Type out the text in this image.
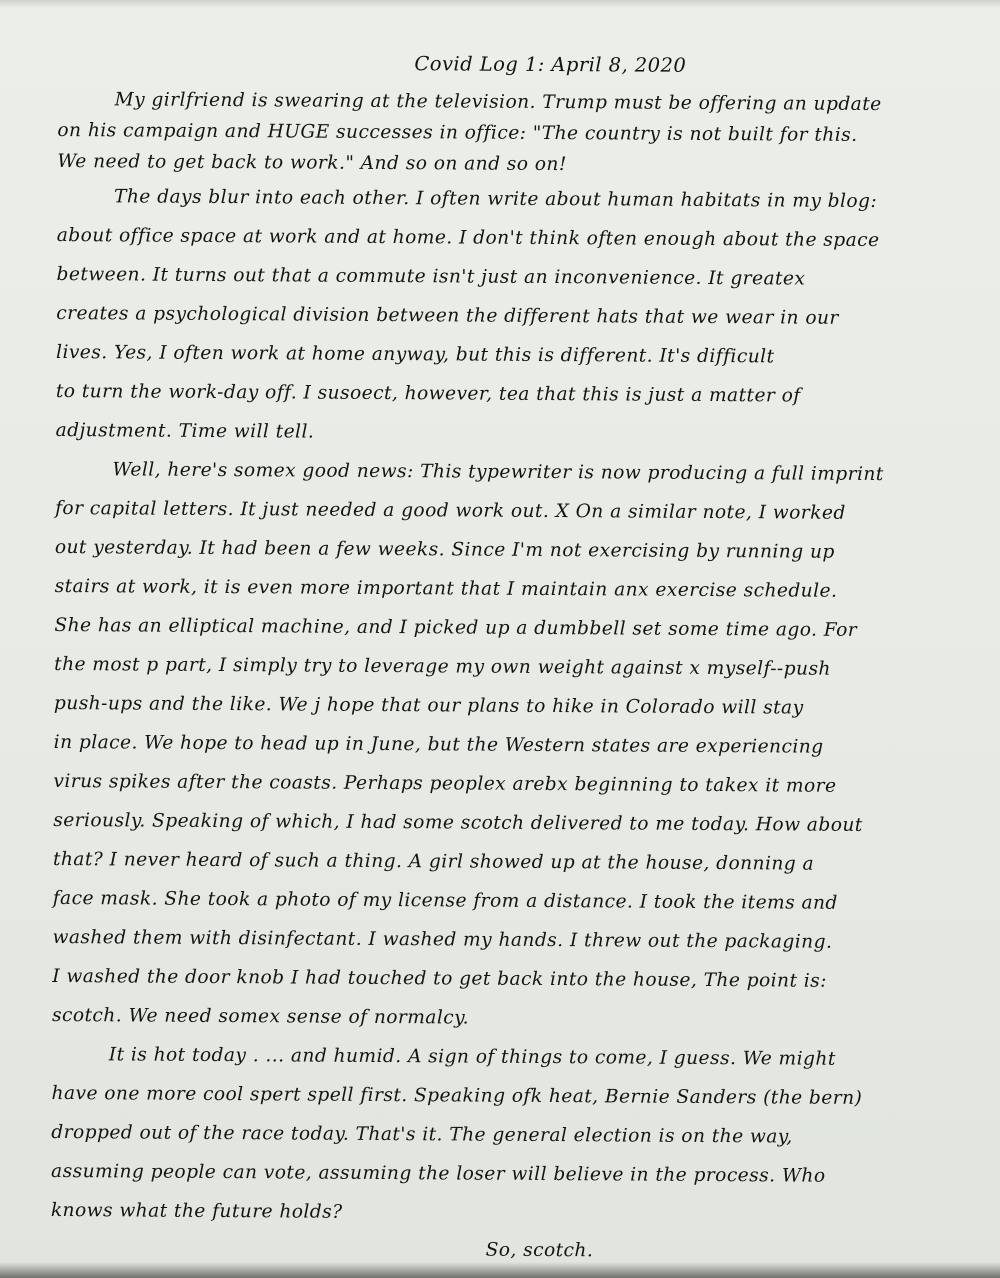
Covid Log 1: April 8, 2020
My girlfriend is swearing at the television. Trump must be offering an update
on his campaign and HUGE successes in office: "The country is not built for this.
We need to get back to work." And so on and so on!
The days blur into each other. I often write about human habitats in my blog:
about office space at work and at home. I don't think often enough about the space
between. It turns out that a commute isn't just an inconvenience. It greatex
creates a psychological division between the different hats that we wear in our
lives. Yes, I often work at home anyway, but this is different. It's difficult
to turn the work-day off. I susoect, however, tea that this is just a matter of
adjustment. Time will tell.
Well, here's somex good news: This typewriter is now producing a full imprint
for capital letters. It just needed a good work out. X On a similar note, I worked
out yesterday. It had been a few weeks. Since I'm not exercising by running up
stairs at work, it is even more important that I maintain anx exercise schedule.
She has an elliptical machine, and I picked up a dumbbell set some time ago. For
the most p part, I simply try to leverage my own weight against x myself--push
push-ups and the like. We j hope that our plans to hike in Colorado will stay
in place. We hope to head up in June, but the Western states are experiencing
virus spikes after the coasts. Perhaps peoplex arebx beginning to takex it more
seriously. Speaking of which, I had some scotch delivered to me today. How about
that? I never heard of such a thing. A girl showed up at the house, donning a
face mask. She took a photo of my license from a distance. I took the items and
washed them with disinfectant. I washed my hands. I threw out the packaging.
I washed the door knob I had touched to get back into the house, The point is:
scotch. We need somex sense of normalcy.
It is hot today . ... and humid. A sign of things to come, I guess. We might
have one more cool spert spell first. Speaking ofk heat, Bernie Sanders (the bern)
dropped out of the race today. That's it. The general election is on the way,
assuming people can vote, assuming the loser will believe in the process. Who
knows what the future holds?
So, scotch.
